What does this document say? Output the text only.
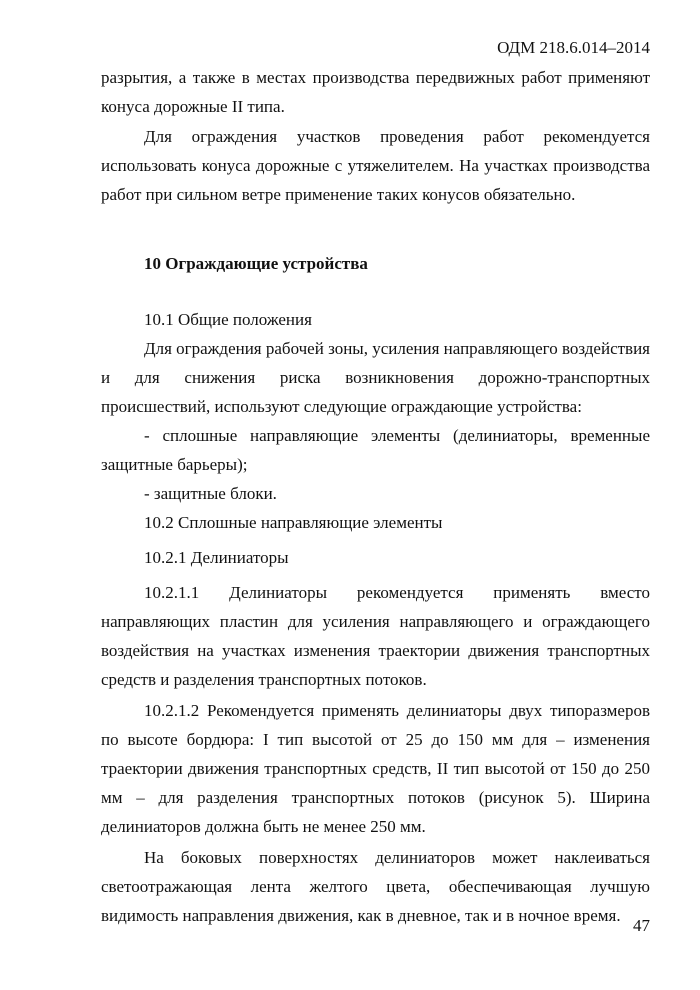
ОДМ 218.6.014–2014

разрытия, а также в местах производства передвижных работ применяют конуса дорожные II типа.

Для ограждения участков проведения работ рекомендуется использовать конуса дорожные с утяжелителем. На участках производства работ при сильном ветре применение таких конусов обязательно.

10 Ограждающие устройства

10.1 Общие положения

Для ограждения рабочей зоны, усиления направляющего воздействия и для снижения риска возникновения дорожно-транспортных происшествий, используют следующие ограждающие устройства:

- сплошные направляющие элементы (делиниаторы, временные защитные барьеры);

- защитные блоки.

10.2 Сплошные направляющие элементы

10.2.1 Делиниаторы

10.2.1.1 Делиниаторы рекомендуется применять вместо направляющих пластин для усиления направляющего и ограждающего воздействия на участках изменения траектории движения транспортных средств и разделения транспортных потоков.

10.2.1.2 Рекомендуется применять делиниаторы двух типоразмеров по высоте бордюра: I тип высотой от 25 до 150 мм для – изменения траектории движения транспортных средств, II тип высотой от 150 до 250 мм – для разделения транспортных потоков (рисунок 5). Ширина делиниаторов должна быть не менее 250 мм.

На боковых поверхностях делиниаторов может наклеиваться светоотражающая лента желтого цвета, обеспечивающая лучшую видимость направления движения, как в дневное, так и в ночное время.

47
